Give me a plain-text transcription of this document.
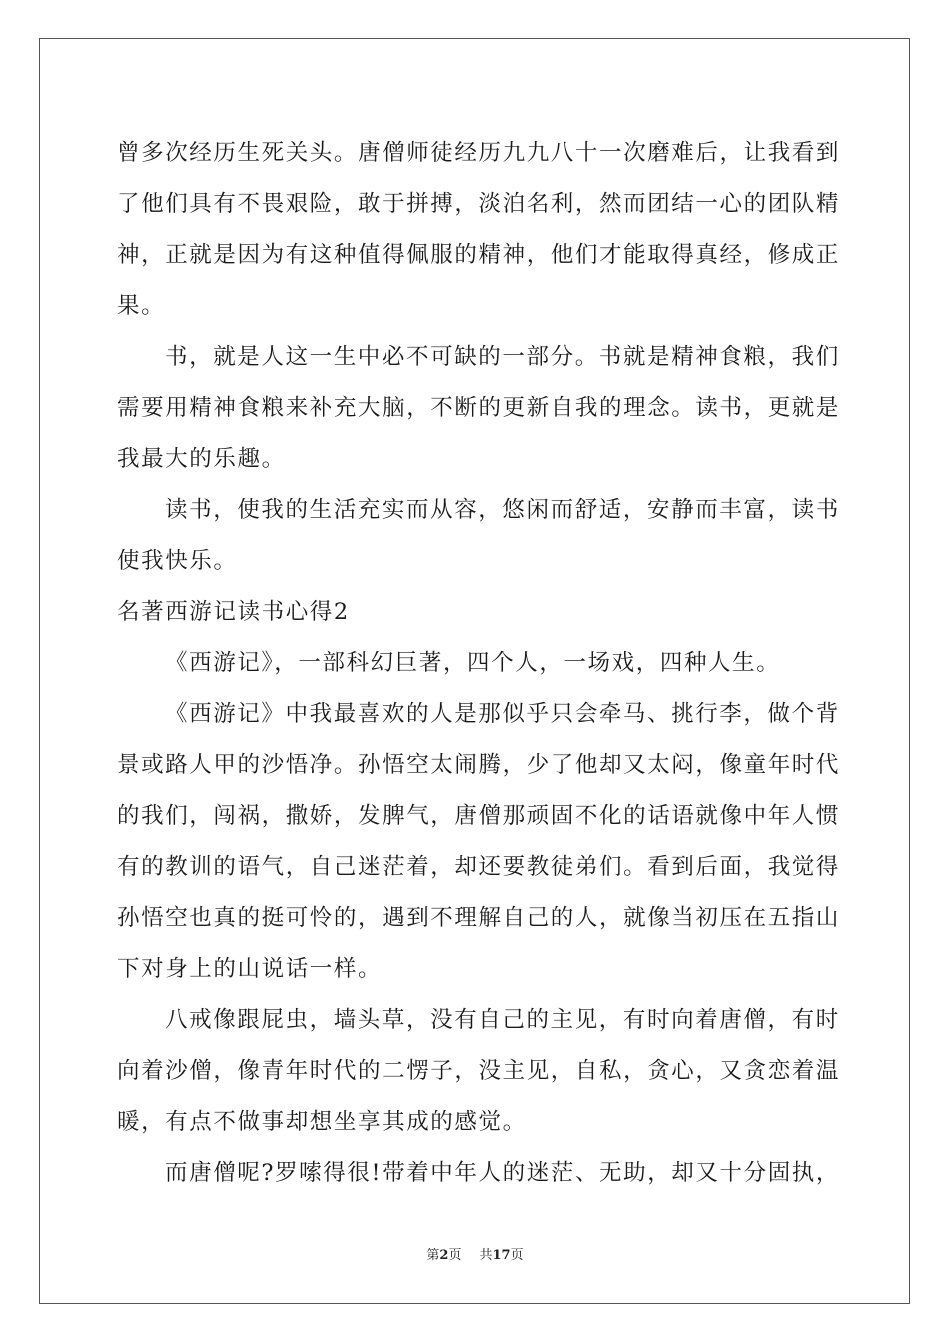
曾多次经历生死关头。唐僧师徒经历九九八十一次磨难后，让我看到
了他们具有不畏艰险，敢于拼搏，淡泊名利，然而团结一心的团队精
神，正就是因为有这种值得佩服的精神，他们才能取得真经，修成正
果。
书，就是人这一生中必不可缺的一部分。书就是精神食粮，我们
需要用精神食粮来补充大脑，不断的更新自我的理念。读书，更就是
我最大的乐趣。
读书，使我的生活充实而从容，悠闲而舒适，安静而丰富，读书
使我快乐。
名著西游记读书心得2
《西游记》，一部科幻巨著，四个人，一场戏，四种人生。
《西游记》中我最喜欢的人是那似乎只会牵马、挑行李，做个背
景或路人甲的沙悟净。孙悟空太闹腾，少了他却又太闷，像童年时代
的我们，闯祸，撒娇，发脾气，唐僧那顽固不化的话语就像中年人惯
有的教训的语气，自己迷茫着，却还要教徒弟们。看到后面，我觉得
孙悟空也真的挺可怜的，遇到不理解自己的人，就像当初压在五指山
下对身上的山说话一样。
八戒像跟屁虫，墙头草，没有自己的主见，有时向着唐僧，有时
向着沙僧，像青年时代的二愣子，没主见，自私，贪心，又贪恋着温
暖，有点不做事却想坐享其成的感觉。
而唐僧呢?罗嗦得很!带着中年人的迷茫、无助，却又十分固执，
第2页 共17页
